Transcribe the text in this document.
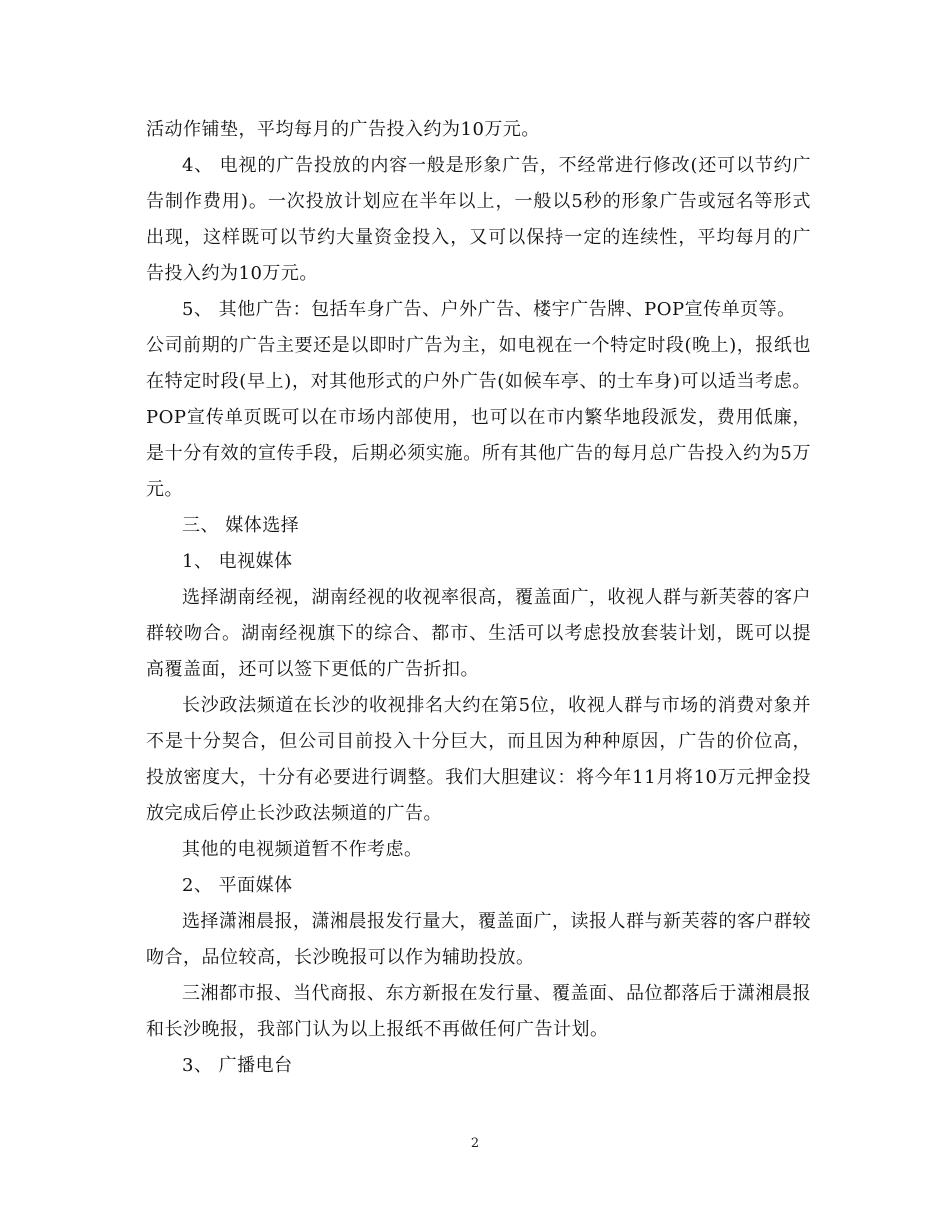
活动作铺垫，平均每月的广告投入约为10万元。

4、 电视的广告投放的内容一般是形象广告，不经常进行修改(还可以节约广告制作费用)。一次投放计划应在半年以上，一般以5秒的形象广告或冠名等形式出现，这样既可以节约大量资金投入，又可以保持一定的连续性，平均每月的广告投入约为10万元。

5、 其他广告：包括车身广告、户外广告、楼宇广告牌、POP宣传单页等。

公司前期的广告主要还是以即时广告为主，如电视在一个特定时段(晚上)，报纸也在特定时段(早上)，对其他形式的户外广告(如候车亭、的士车身)可以适当考虑。POP宣传单页既可以在市场内部使用，也可以在市内繁华地段派发，费用低廉，是十分有效的宣传手段，后期必须实施。所有其他广告的每月总广告投入约为5万元。

三、 媒体选择

1、 电视媒体

选择湖南经视，湖南经视的收视率很高，覆盖面广，收视人群与新芙蓉的客户群较吻合。湖南经视旗下的综合、都市、生活可以考虑投放套装计划，既可以提高覆盖面，还可以签下更低的广告折扣。

长沙政法频道在长沙的收视排名大约在第5位，收视人群与市场的消费对象并不是十分契合，但公司目前投入十分巨大，而且因为种种原因，广告的价位高，投放密度大，十分有必要进行调整。我们大胆建议：将今年11月将10万元押金投放完成后停止长沙政法频道的广告。

其他的电视频道暂不作考虑。

2、 平面媒体

选择潇湘晨报，潇湘晨报发行量大，覆盖面广，读报人群与新芙蓉的客户群较吻合，品位较高，长沙晚报可以作为辅助投放。

三湘都市报、当代商报、东方新报在发行量、覆盖面、品位都落后于潇湘晨报和长沙晚报，我部门认为以上报纸不再做任何广告计划。

3、 广播电台

2
